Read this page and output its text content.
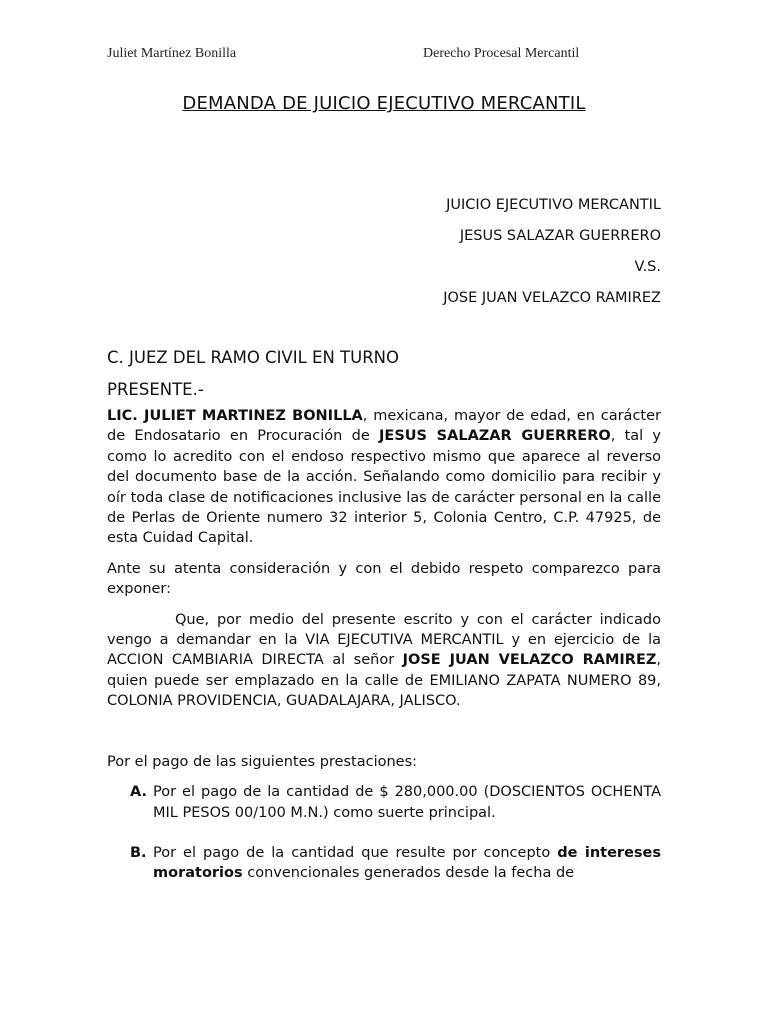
Juliet Martínez Bonilla	Derecho Procesal Mercantil
DEMANDA DE JUICIO EJECUTIVO MERCANTIL
JUICIO EJECUTIVO MERCANTIL
JESUS SALAZAR GUERRERO
V.S.
JOSE JUAN VELAZCO RAMIREZ
C. JUEZ DEL RAMO CIVIL EN TURNO
PRESENTE.-

LIC. JULIET MARTINEZ BONILLA, mexicana, mayor de edad, en carácter de Endosatario en Procuración de JESUS SALAZAR GUERRERO, tal y como lo acredito con el endoso respectivo mismo que aparece al reverso del documento base de la acción. Señalando como domicilio para recibir y oír toda clase de notificaciones inclusive las de carácter personal en la calle de Perlas de Oriente numero 32 interior 5, Colonia Centro, C.P. 47925, de esta Cuidad Capital.

Ante su atenta consideración y con el debido respeto comparezco para exponer:

Que, por medio del presente escrito y con el carácter indicado vengo a demandar en la VIA EJECUTIVA MERCANTIL y en ejercicio de la ACCION CAMBIARIA DIRECTA al señor JOSE JUAN VELAZCO RAMIREZ, quien puede ser emplazado en la calle de EMILIANO ZAPATA NUMERO 89, COLONIA PROVIDENCIA, GUADALAJARA, JALISCO.

Por el pago de las siguientes prestaciones:

A. Por el pago de la cantidad de $ 280,000.00 (DOSCIENTOS OCHENTA MIL PESOS 00/100 M.N.) como suerte principal.
B. Por el pago de la cantidad que resulte por concepto de intereses moratorios convencionales generados desde la fecha de
